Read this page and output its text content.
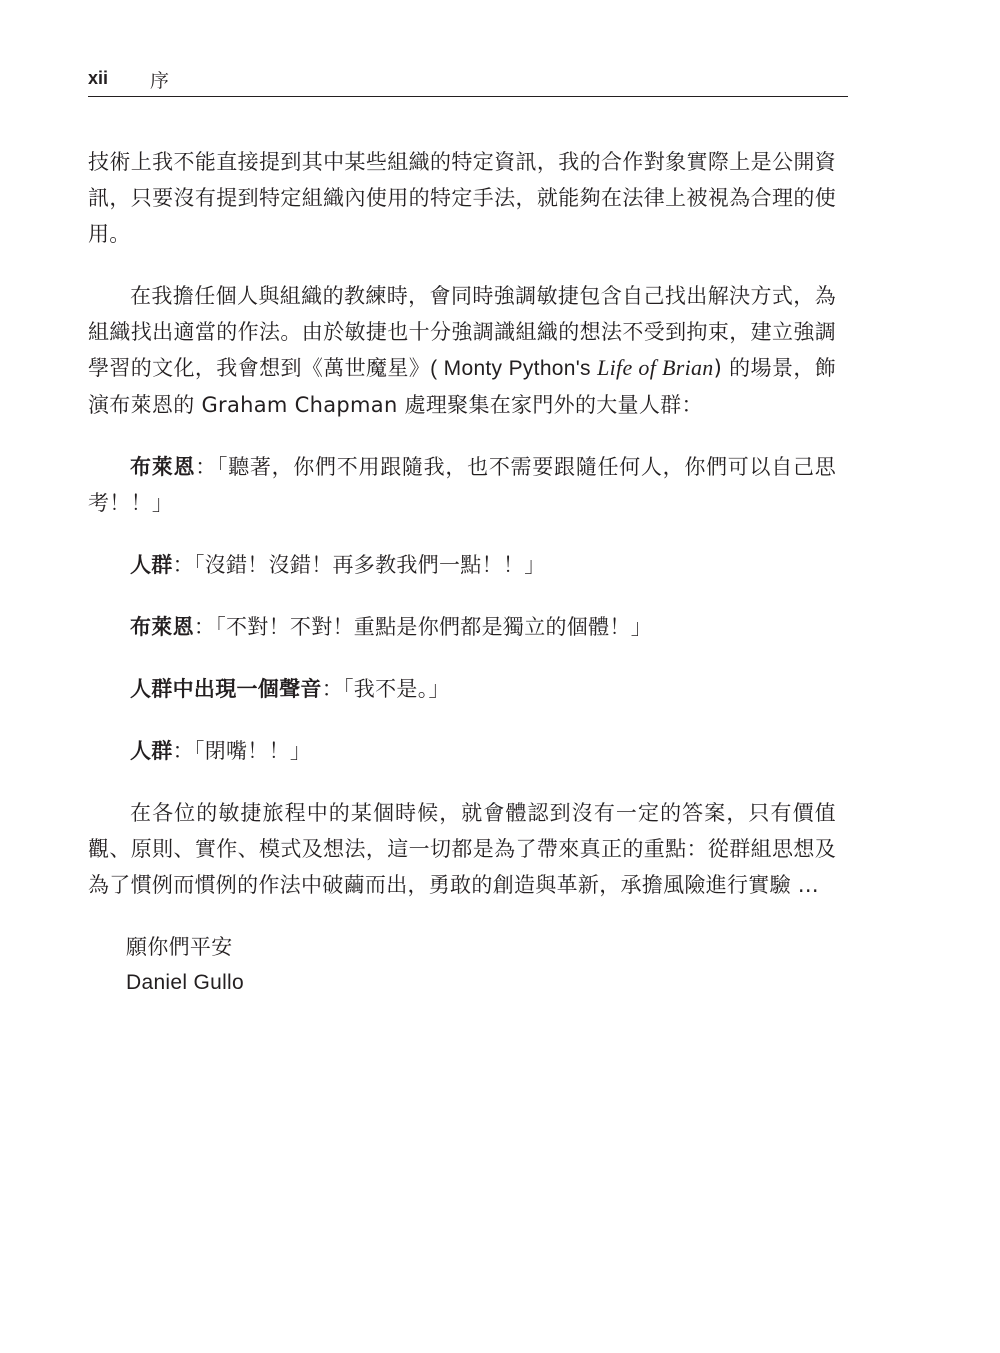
xii 序

技術上我不能直接提到其中某些組織的特定資訊，我的合作對象實際上是公開資訊，只要沒有提到特定組織內使用的特定手法，就能夠在法律上被視為合理的使用。

在我擔任個人與組織的教練時，會同時強調敏捷包含自己找出解決方式，為組織找出適當的作法。由於敏捷也十分強調識組織的想法不受到拘束，建立強調學習的文化，我會想到《萬世魔星》( Monty Python's Life of Brian) 的場景，飾演布萊恩的 Graham Chapman 處理聚集在家門外的大量人群：

布萊恩：「聽著，你們不用跟隨我，也不需要跟隨任何人，你們可以自己思考！！」

人群：「沒錯！沒錯！再多教我們一點！！」

布萊恩：「不對！不對！重點是你們都是獨立的個體！」

人群中出現一個聲音：「我不是。」

人群：「閉嘴！！」

在各位的敏捷旅程中的某個時候，就會體認到沒有一定的答案，只有價值觀、原則、實作、模式及想法，這一切都是為了帶來真正的重點：從群組思想及為了慣例而慣例的作法中破繭而出，勇敢的創造與革新，承擔風險進行實驗 ...

願你們平安

Daniel Gullo
